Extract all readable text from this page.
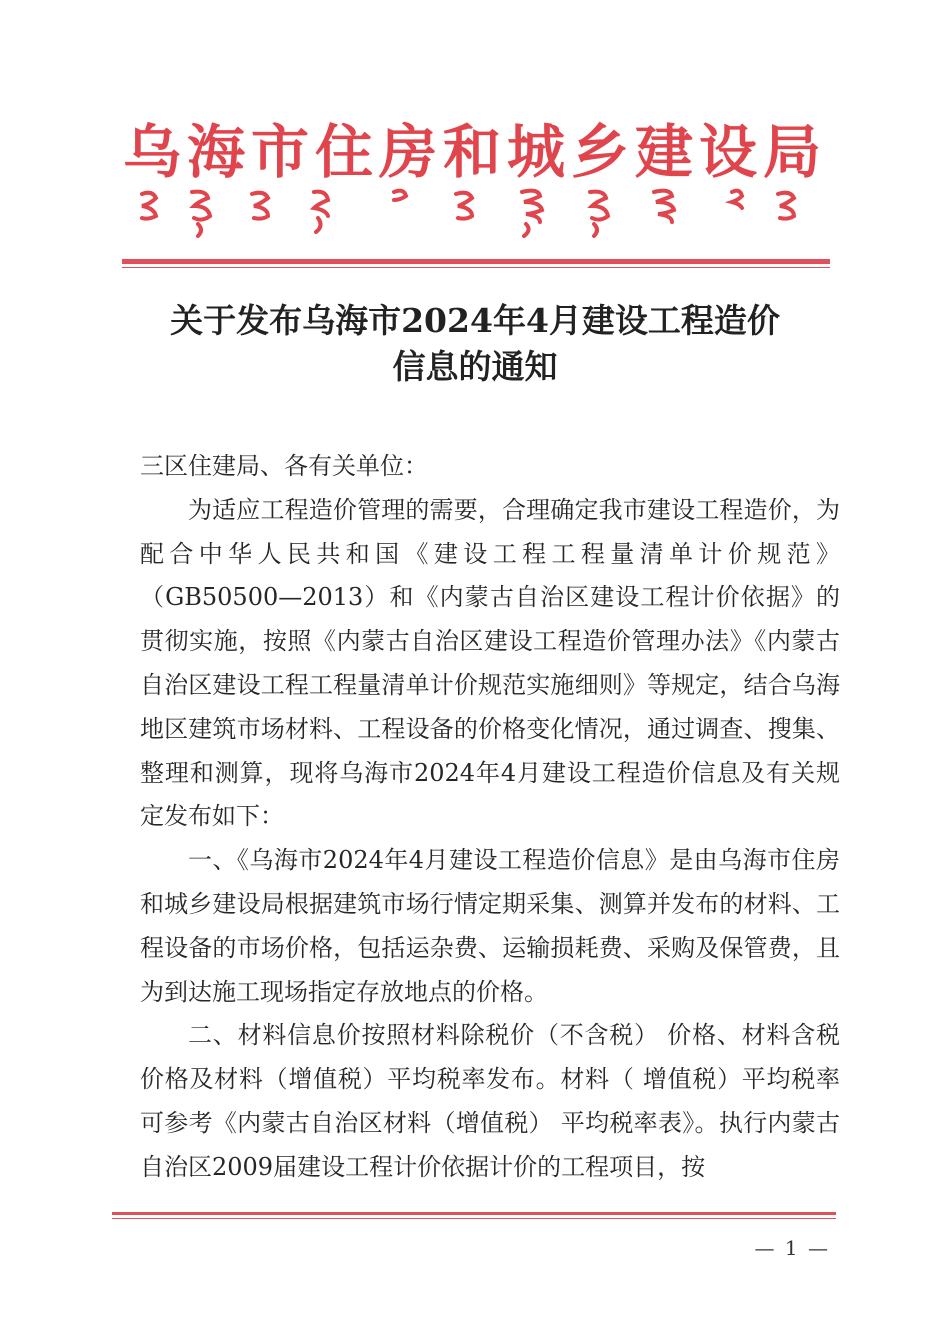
乌海市住房和城乡建设局
关于发布乌海市2024年4月建设工程造价
信息的通知

三区住建局、各有关单位：

为适应工程造价管理的需要，合理确定我市建设工程造价，为配合中华人民共和国《建设工程工程量清单计价规范》（GB50500—2013）和《内蒙古自治区建设工程计价依据》的贯彻实施，按照《内蒙古自治区建设工程造价管理办法》《内蒙古自治区建设工程工程量清单计价规范实施细则》等规定，结合乌海地区建筑市场材料、工程设备的价格变化情况，通过调查、搜集、整理和测算，现将乌海市2024年4月建设工程造价信息及有关规定发布如下：

一、《乌海市2024年4月建设工程造价信息》是由乌海市住房和城乡建设局根据建筑市场行情定期采集、测算并发布的材料、工程设备的市场价格，包括运杂费、运输损耗费、采购及保管费，且为到达施工现场指定存放地点的价格。

二、材料信息价按照材料除税价（不含税） 价格、材料含税价格及材料（增值税）平均税率发布。材料（ 增值税）平均税率可参考《内蒙古自治区材料（增值税） 平均税率表》。执行内蒙古自治区2009届建设工程计价依据计价的工程项目，按

— 1 —
